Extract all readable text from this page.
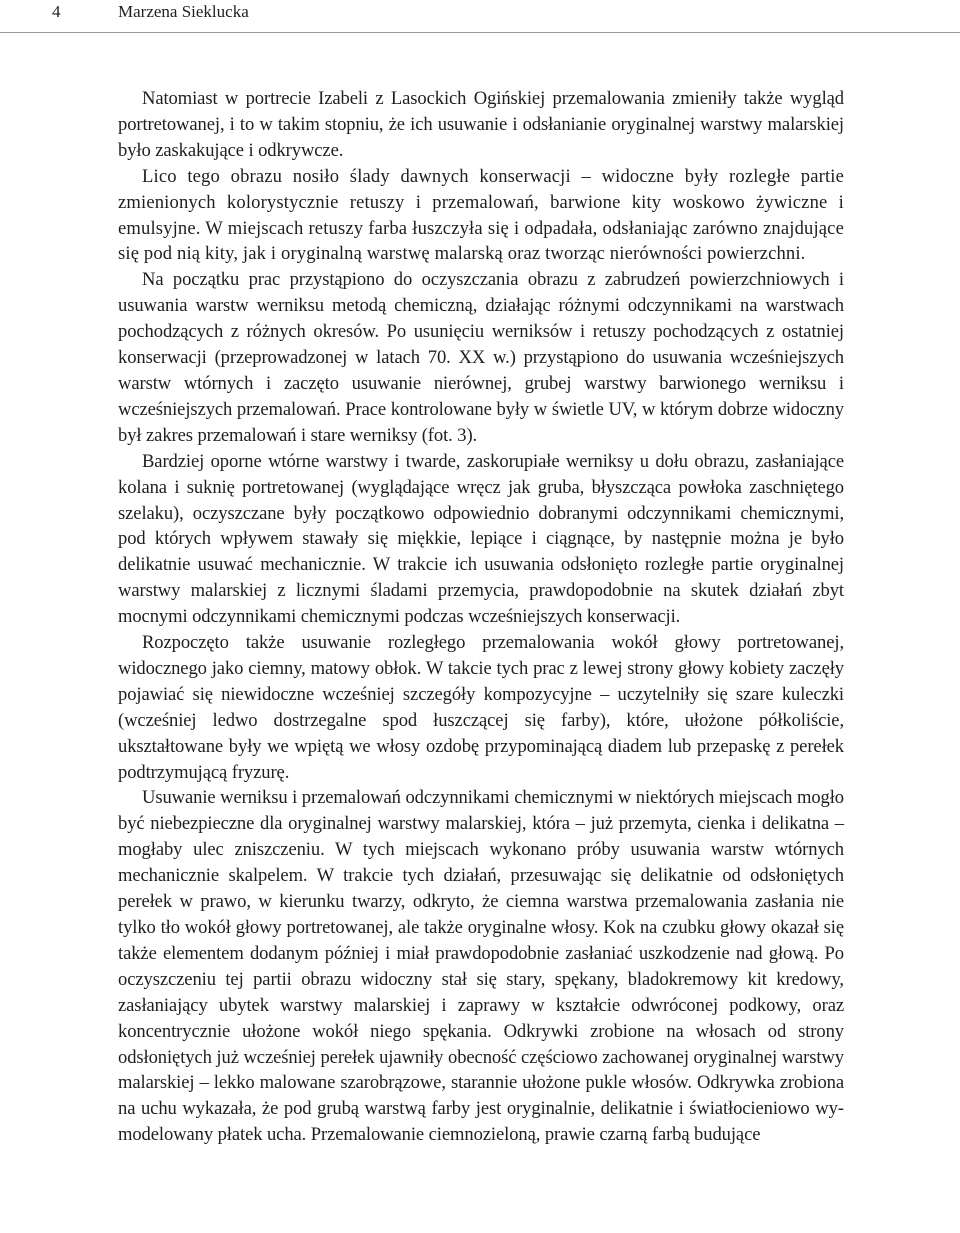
4	Marzena Sieklucka

Natomiast w portrecie Izabeli z Lasockich Ogińskiej przemalowania zmieniły także wygląd portretowanej, i to w takim stopniu, że ich usuwanie i odsłanianie oryginalnej warstwy malarskiej było zaskakujące i odkrywcze.

Lico tego obrazu nosiło ślady dawnych konserwacji – widoczne były rozległe partie zmienionych kolorystycznie retuszy i przemalowań, barwione kity woskowo żywiczne i emulsyjne. W miejscach retuszy farba łuszczyła się i odpadała, odsłaniając zarówno znajdujące się pod nią kity, jak i oryginalną warstwę malarską oraz tworząc nierówności powierzchni.

Na początku prac przystąpiono do oczyszczania obrazu z zabrudzeń powierzchniowych i usuwania warstw werniksu metodą chemiczną, działając różnymi odczynnikami na warstwach pochodzących z różnych okresów. Po usunięciu werniksów i retuszy pochodzących z ostatniej konserwacji (przeprowadzonej w latach 70. XX w.) przystąpiono do usuwania wcześniejszych warstw wtórnych i zaczęto usuwanie nierównej, grubej warstwy barwionego werniksu i wcześniejszych przemalowań. Prace kontrolowane były w świetle UV, w którym dobrze widoczny był zakres przemalowań i stare werniksy (fot. 3).

Bardziej oporne wtórne warstwy i twarde, zaskorupiałe werniksy u dołu obrazu, zasłaniające kolana i suknię portretowanej (wyglądające wręcz jak gruba, błyszcząca powłoka zaschniętego szelaku), oczyszczane były początkowo odpowiednio dobranymi odczynnikami chemicznymi, pod których wpływem stawały się miękkie, lepiące i ciągnące, by następnie można je było delikatnie usuwać mechanicznie. W trakcie ich usuwania odsłonięto rozległe partie oryginalnej warstwy malarskiej z licznymi śladami przemycia, prawdopodobnie na skutek działań zbyt mocnymi odczynnikami chemicznymi podczas wcześniejszych konserwacji.

Rozpoczęto także usuwanie rozległego przemalowania wokół głowy portretowanej, widocznego jako ciemny, matowy obłok. W takcie tych prac z lewej strony głowy kobiety zaczęły pojawiać się niewidoczne wcześniej szczegóły kompozycyjne – uczytelniły się szare kuleczki (wcześniej ledwo dostrzegalne spod łuszczącej się farby), które, ułożone półkoliście, ukształtowane były we wpiętą we włosy ozdobę przypominającą diadem lub przepaskę z perełek podtrzymującą fryzurę.

Usuwanie werniksu i przemalowań odczynnikami chemicznymi w niektórych miejscach mogło być niebezpieczne dla oryginalnej warstwy malarskiej, która – już przemyta, cienka i delikatna – mogłaby ulec zniszczeniu. W tych miejscach wykonano próby usuwania warstw wtórnych mechanicznie skalpelem. W trakcie tych działań, przesuwając się delikatnie od odsłoniętych perełek w prawo, w kierunku twarzy, odkryto, że ciemna warstwa przemalowania zasłania nie tylko tło wokół głowy portretowanej, ale także oryginalne włosy. Kok na czubku głowy okazał się także elementem dodanym później i miał prawdopodobnie zasłaniać uszkodzenie nad głową. Po oczyszczeniu tej partii obrazu widoczny stał się stary, spękany, bladokremowy kit kredowy, zasłaniający ubytek warstwy malarskiej i zaprawy w kształcie odwróconej podkowy, oraz koncentrycznie ułożone wokół niego spękania. Odkrywki zrobione na włosach od strony odsłoniętych już wcześniej perełek ujawniły obecność częściowo zachowanej oryginalnej warstwy malarskiej – lekko malowane szarobrązowe, starannie ułożone pukle włosów. Odkrywka zrobiona na uchu wykazała, że pod grubą warstwą farby jest oryginalnie, delikatnie i światłocieniowo wymodelowany płatek ucha. Przemalowanie ciemnozieloną, prawie czarną farbą budujące
